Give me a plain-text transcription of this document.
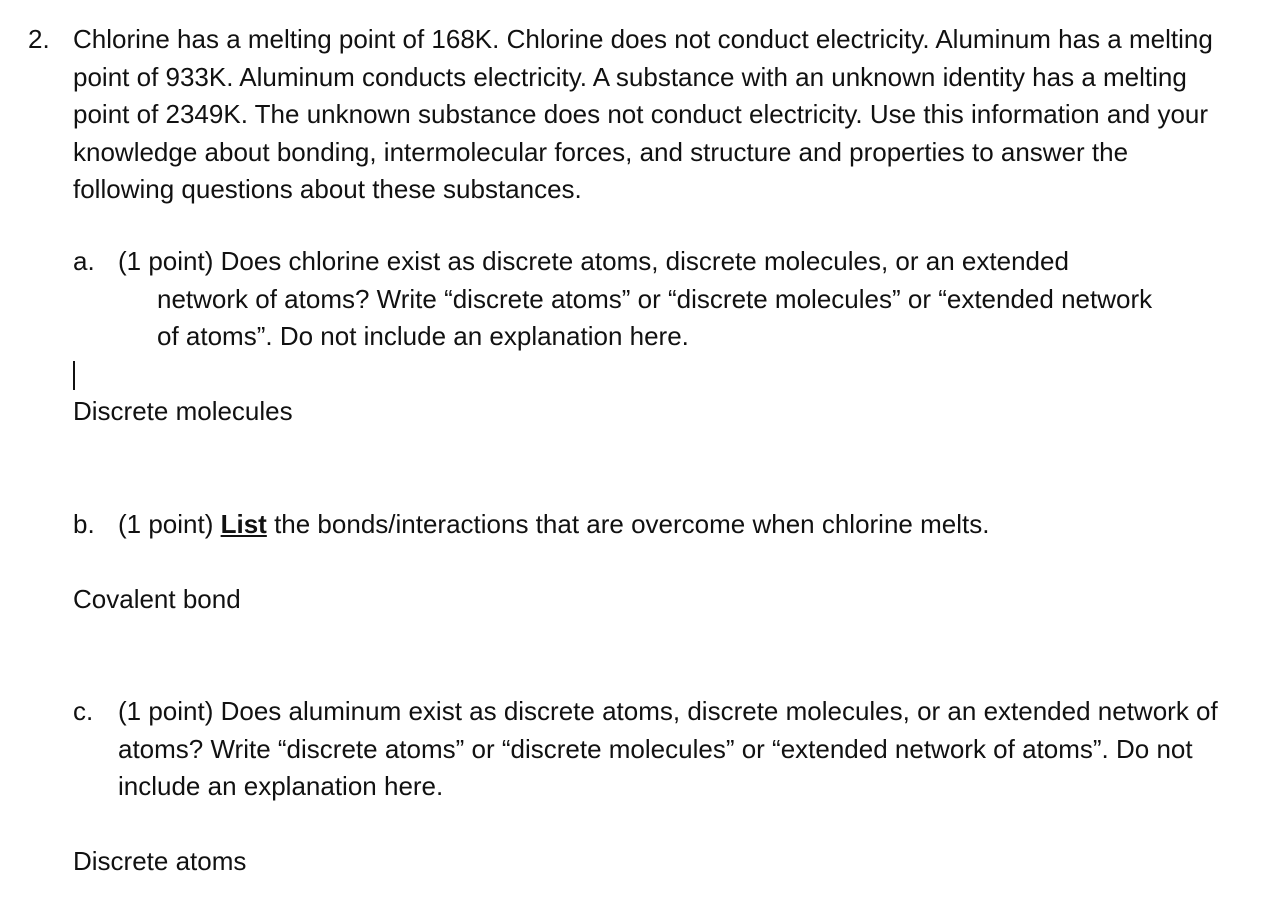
2. Chlorine has a melting point of 168K. Chlorine does not conduct electricity. Aluminum has a melting point of 933K. Aluminum conducts electricity. A substance with an unknown identity has a melting point of 2349K. The unknown substance does not conduct electricity. Use this information and your knowledge about bonding, intermolecular forces, and structure and properties to answer the following questions about these substances.
a. (1 point) Does chlorine exist as discrete atoms, discrete molecules, or an extended
network of atoms? Write “discrete atoms” or “discrete molecules” or “extended network of atoms”. Do not include an explanation here.
Discrete molecules
b. (1 point) List the bonds/interactions that are overcome when chlorine melts.
Covalent bond
c. (1 point) Does aluminum exist as discrete atoms, discrete molecules, or an extended network of atoms? Write “discrete atoms” or “discrete molecules” or “extended network of atoms”. Do not include an explanation here.
Discrete atoms
